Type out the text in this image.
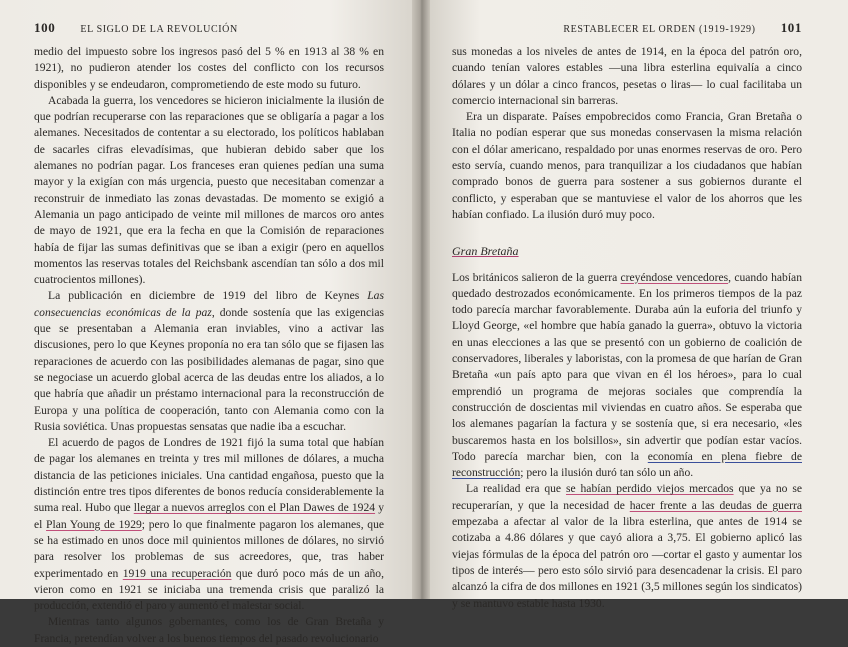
100	EL SIGLO DE LA REVOLUCIÓN

medio del impuesto sobre los ingresos pasó del 5 % en 1913 al 38 % en 1921), no pudieron atender los costes del conflicto con los recursos disponibles y se endeudaron, comprometiendo de este modo su futuro.

Acabada la guerra, los vencedores se hicieron inicialmente la ilusión de que podrían recuperarse con las reparaciones que se obligaría a pagar a los alemanes. Necesitados de contentar a su electorado, los políticos hablaban de sacarles cifras elevadísimas, que hubieran debido saber que los alemanes no podrían pagar. Los franceses eran quienes pedían una suma mayor y la exigían con más urgencia, puesto que necesitaban comenzar a reconstruir de inmediato las zonas devastadas. De momento se exigió a Alemania un pago anticipado de veinte mil millones de marcos oro antes de mayo de 1921, que era la fecha en que la Comisión de reparaciones había de fijar las sumas definitivas que se iban a exigir (pero en aquellos momentos las reservas totales del Reichsbank ascendían tan sólo a dos mil cuatrocientos millones).

La publicación en diciembre de 1919 del libro de Keynes Las consecuencias económicas de la paz, donde sostenía que las exigencias que se presentaban a Alemania eran inviables, vino a activar las discusiones, pero lo que Keynes proponía no era tan sólo que se fijasen las reparaciones de acuerdo con las posibilidades alemanas de pagar, sino que se negociase un acuerdo global acerca de las deudas entre los aliados, a lo que habría que añadir un préstamo internacional para la reconstrucción de Europa y una política de cooperación, tanto con Alemania como con la Rusia soviética. Unas propuestas sensatas que nadie iba a escuchar.

El acuerdo de pagos de Londres de 1921 fijó la suma total que habían de pagar los alemanes en treinta y tres mil millones de dólares, a mucha distancia de las peticiones iniciales. Una cantidad engañosa, puesto que la distinción entre tres tipos diferentes de bonos reducía considerablemente la suma real. Hubo que llegar a nuevos arreglos con el Plan Dawes de 1924 y el Plan Young de 1929; pero lo que finalmente pagaron los alemanes, que se ha estimado en unos doce mil quinientos millones de dólares, no sirvió para resolver los problemas de sus acreedores, que, tras haber experimentado en 1919 una recuperación que duró poco más de un año, vieron como en 1921 se iniciaba una tremenda crisis que paralizó la producción, extendió el paro y aumentó el malestar social.

Mientras tanto algunos gobernantes, como los de Gran Bretaña y Francia, pretendían volver a los buenos tiempos del pasado revolucionario

RESTABLECER EL ORDEN (1919-1929) 101

sus monedas a los niveles de antes de 1914, en la época del patrón oro, cuando tenían valores estables —una libra esterlina equivalía a cinco dólares y un dólar a cinco francos, pesetas o liras— lo cual facilitaba un comercio internacional sin barreras.

Era un disparate. Países empobrecidos como Francia, Gran Bretaña o Italia no podían esperar que sus monedas conservasen la misma relación con el dólar americano, respaldado por unas enormes reservas de oro. Pero esto servía, cuando menos, para tranquilizar a los ciudadanos que habían comprado bonos de guerra para sostener a sus gobiernos durante el conflicto, y esperaban que se mantuviese el valor de los ahorros que les habían confiado. La ilusión duró muy poco.

Gran Bretaña

Los británicos salieron de la guerra creyéndose vencedores, cuando habían quedado destrozados económicamente. En los primeros tiempos de la paz todo parecía marchar favorablemente. Duraba aún la euforia del triunfo y Lloyd George, «el hombre que había ganado la guerra», obtuvo la victoria en unas elecciones a las que se presentó con un gobierno de coalición de conservadores, liberales y laboristas, con la promesa de que harían de Gran Bretaña «un país apto para que vivan en él los héroes», para lo cual emprendió un programa de mejoras sociales que comprendía la construcción de doscientas mil viviendas en cuatro años. Se esperaba que los alemanes pagarían la factura y se sostenía que, si era necesario, «les buscaremos hasta en los bolsillos», sin advertir que podían estar vacíos. Todo parecía marchar bien, con la economía en plena fiebre de reconstrucción; pero la ilusión duró tan sólo un año.

La realidad era que se habían perdido viejos mercados que ya no se recuperarían, y que la necesidad de hacer frente a las deudas de guerra empezaba a afectar al valor de la libra esterlina, que antes de 1914 se cotizaba a 4.86 dólares y que cayó aliora a 3,75. El gobierno aplicó las viejas fórmulas de la época del patrón oro —cortar el gasto y aumentar los tipos de interés— pero esto sólo sirvió para desencadenar la crisis. El paro alcanzó la cifra de dos millones en 1921 (3,5 millones según los sindicatos) y se mantuvo estable hasta 1930.
